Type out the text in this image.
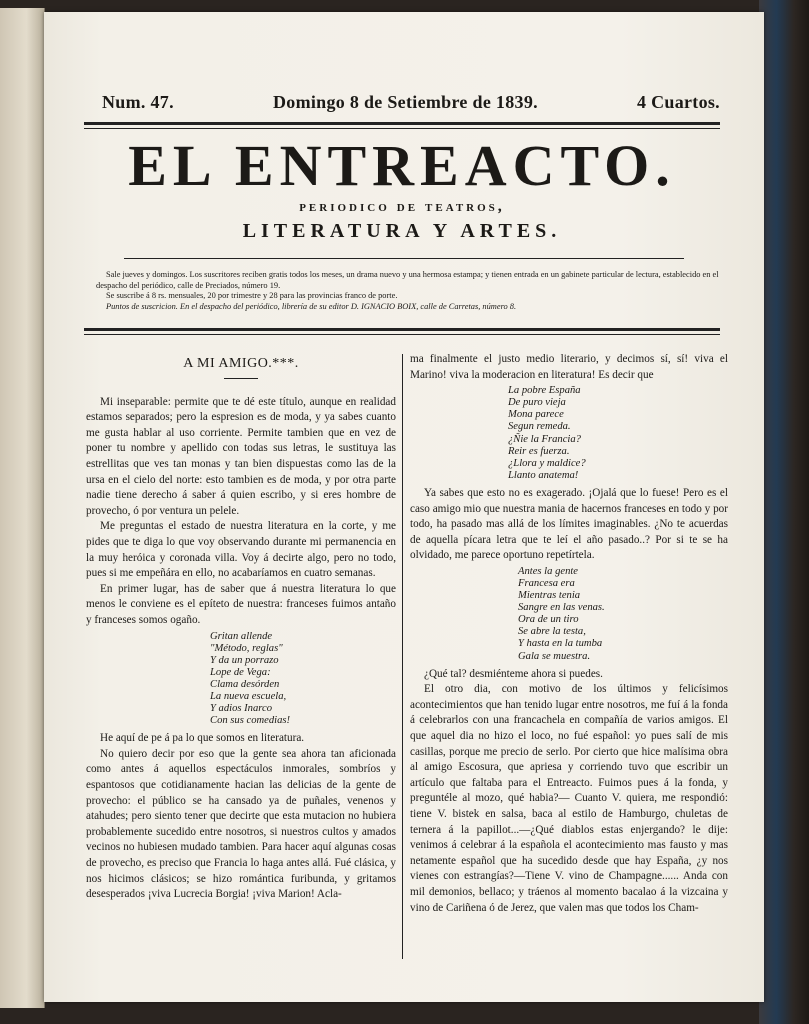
Num. 47.	Domingo 8 de Setiembre de 1839.	4 Cuartos.
EL ENTREACTO.
periodico de teatros,
LITERATURA Y ARTES.

Sale jueves y domingos. Los suscritores reciben gratis todos los meses, un drama nuevo y una hermosa estampa; y tienen entrada en un gabinete particular de lectura, establecido en el despacho del periódico, calle de Preciados, número 19.

Se suscribe á 8 rs. mensuales, 20 por trimestre y 28 para las provincias franco de porte.

Puntos de suscricion. En el despacho del periódico, librería de su editor D. IGNACIO BOIX, calle de Carretas, número 8.

A MI AMIGO.***.

Mi inseparable: permite que te dé este título, aunque en realidad estamos separados; pero la espresion es de moda, y ya sabes cuanto me gusta hablar al uso corriente. Permite tambien que en vez de poner tu nombre y apellido con todas sus letras, le sustituya las estrellitas que ves tan monas y tan bien dispuestas como las de la ursa en el cielo del norte: esto tambien es de moda, y por otra parte nadie tiene derecho á saber á quien escribo, y si eres hombre de provecho, ó por ventura un pelele.

Me preguntas el estado de nuestra literatura en la corte, y me pides que te diga lo que voy observando durante mi permanencia en la muy heróica y coronada villa. Voy á decirte algo, pero no todo, pues si me empeñára en ello, no acabaríamos en cuatro semanas.

En primer lugar, has de saber que á nuestra literatura lo que menos le conviene es el epíteto de nuestra: franceses fuimos antaño y franceses somos ogaño.

Gritan allende
"Método, reglas"
Y da un porrazo
Lope de Vega:
Clama desórden
La nueva escuela,
Y adios Inarco
Con sus comedias!

He aquí de pe á pa lo que somos en literatura.

No quiero decir por eso que la gente sea ahora tan aficionada como antes á aquellos espectáculos inmorales, sombríos y espantosos que cotidianamente hacian las delicias de la gente de provecho: el público se ha cansado ya de puñales, venenos y atahudes; pero siento tener que decirte que esta mutacion no hubiera probablemente sucedido entre nosotros, si nuestros cultos y amados vecinos no hubiesen mudado tambien. Para hacer aquí algunas cosas de provecho, es preciso que Francia lo haga antes allá. Fué clásica, y nos hicimos clásicos; se hizo romántica furibunda, y gritamos desesperados ¡viva Lucrecia Borgia! ¡viva Marion! Acla-

ma finalmente el justo medio literario, y decimos sí, sí! viva el Marino! viva la moderacion en literatura! Es decir que

La pobre España
De puro vieja
Mona parece
Segun remeda.
¿Ñie la Francia?
Reir es fuerza.
¿Llora y maldice?
Llanto anatema!

Ya sabes que esto no es exagerado. ¡Ojalá que lo fuese! Pero es el caso amigo mio que nuestra mania de hacernos franceses en todo y por todo, ha pasado mas allá de los límites imaginables. ¿No te acuerdas de aquella pícara letra que te leí el año pasado..? Por si te se ha olvidado, me parece oportuno repetírtela.

Antes la gente
Francesa era
Mientras tenia
Sangre en las venas.
Ora de un tiro
Se abre la testa,
Y hasta en la tumba
Gala se muestra.

¿Qué tal? desmiénteme ahora si puedes.

El otro dia, con motivo de los últimos y felicísimos acontecimientos que han tenido lugar entre nosotros, me fuí á la fonda á celebrarlos con una francachela en compañía de varios amigos. El que aquel dia no hizo el loco, no fué español: yo pues salí de mis casillas, porque me precio de serlo. Por cierto que hice malísima obra al amigo Escosura, que apriesa y corriendo tuvo que escribir un artículo que faltaba para el Entreacto. Fuimos pues á la fonda, y preguntéle al mozo, qué habia?— Cuanto V. quiera, me respondió: tiene V. bistek en salsa, baca al estilo de Hamburgo, chuletas de ternera á la papillot...—¿Qué diablos estas enjergando? le dije: venimos á celebrar á la española el acontecimiento mas fausto y mas netamente español que ha sucedido desde que hay España, ¿y nos vienes con estrangías?—Tiene V. vino de Champagne...... Anda con mil demonios, bellaco; y tráenos al momento bacalao á la vizcaina y vino de Cariñena ó de Jerez, que valen mas que todos los Cham-
